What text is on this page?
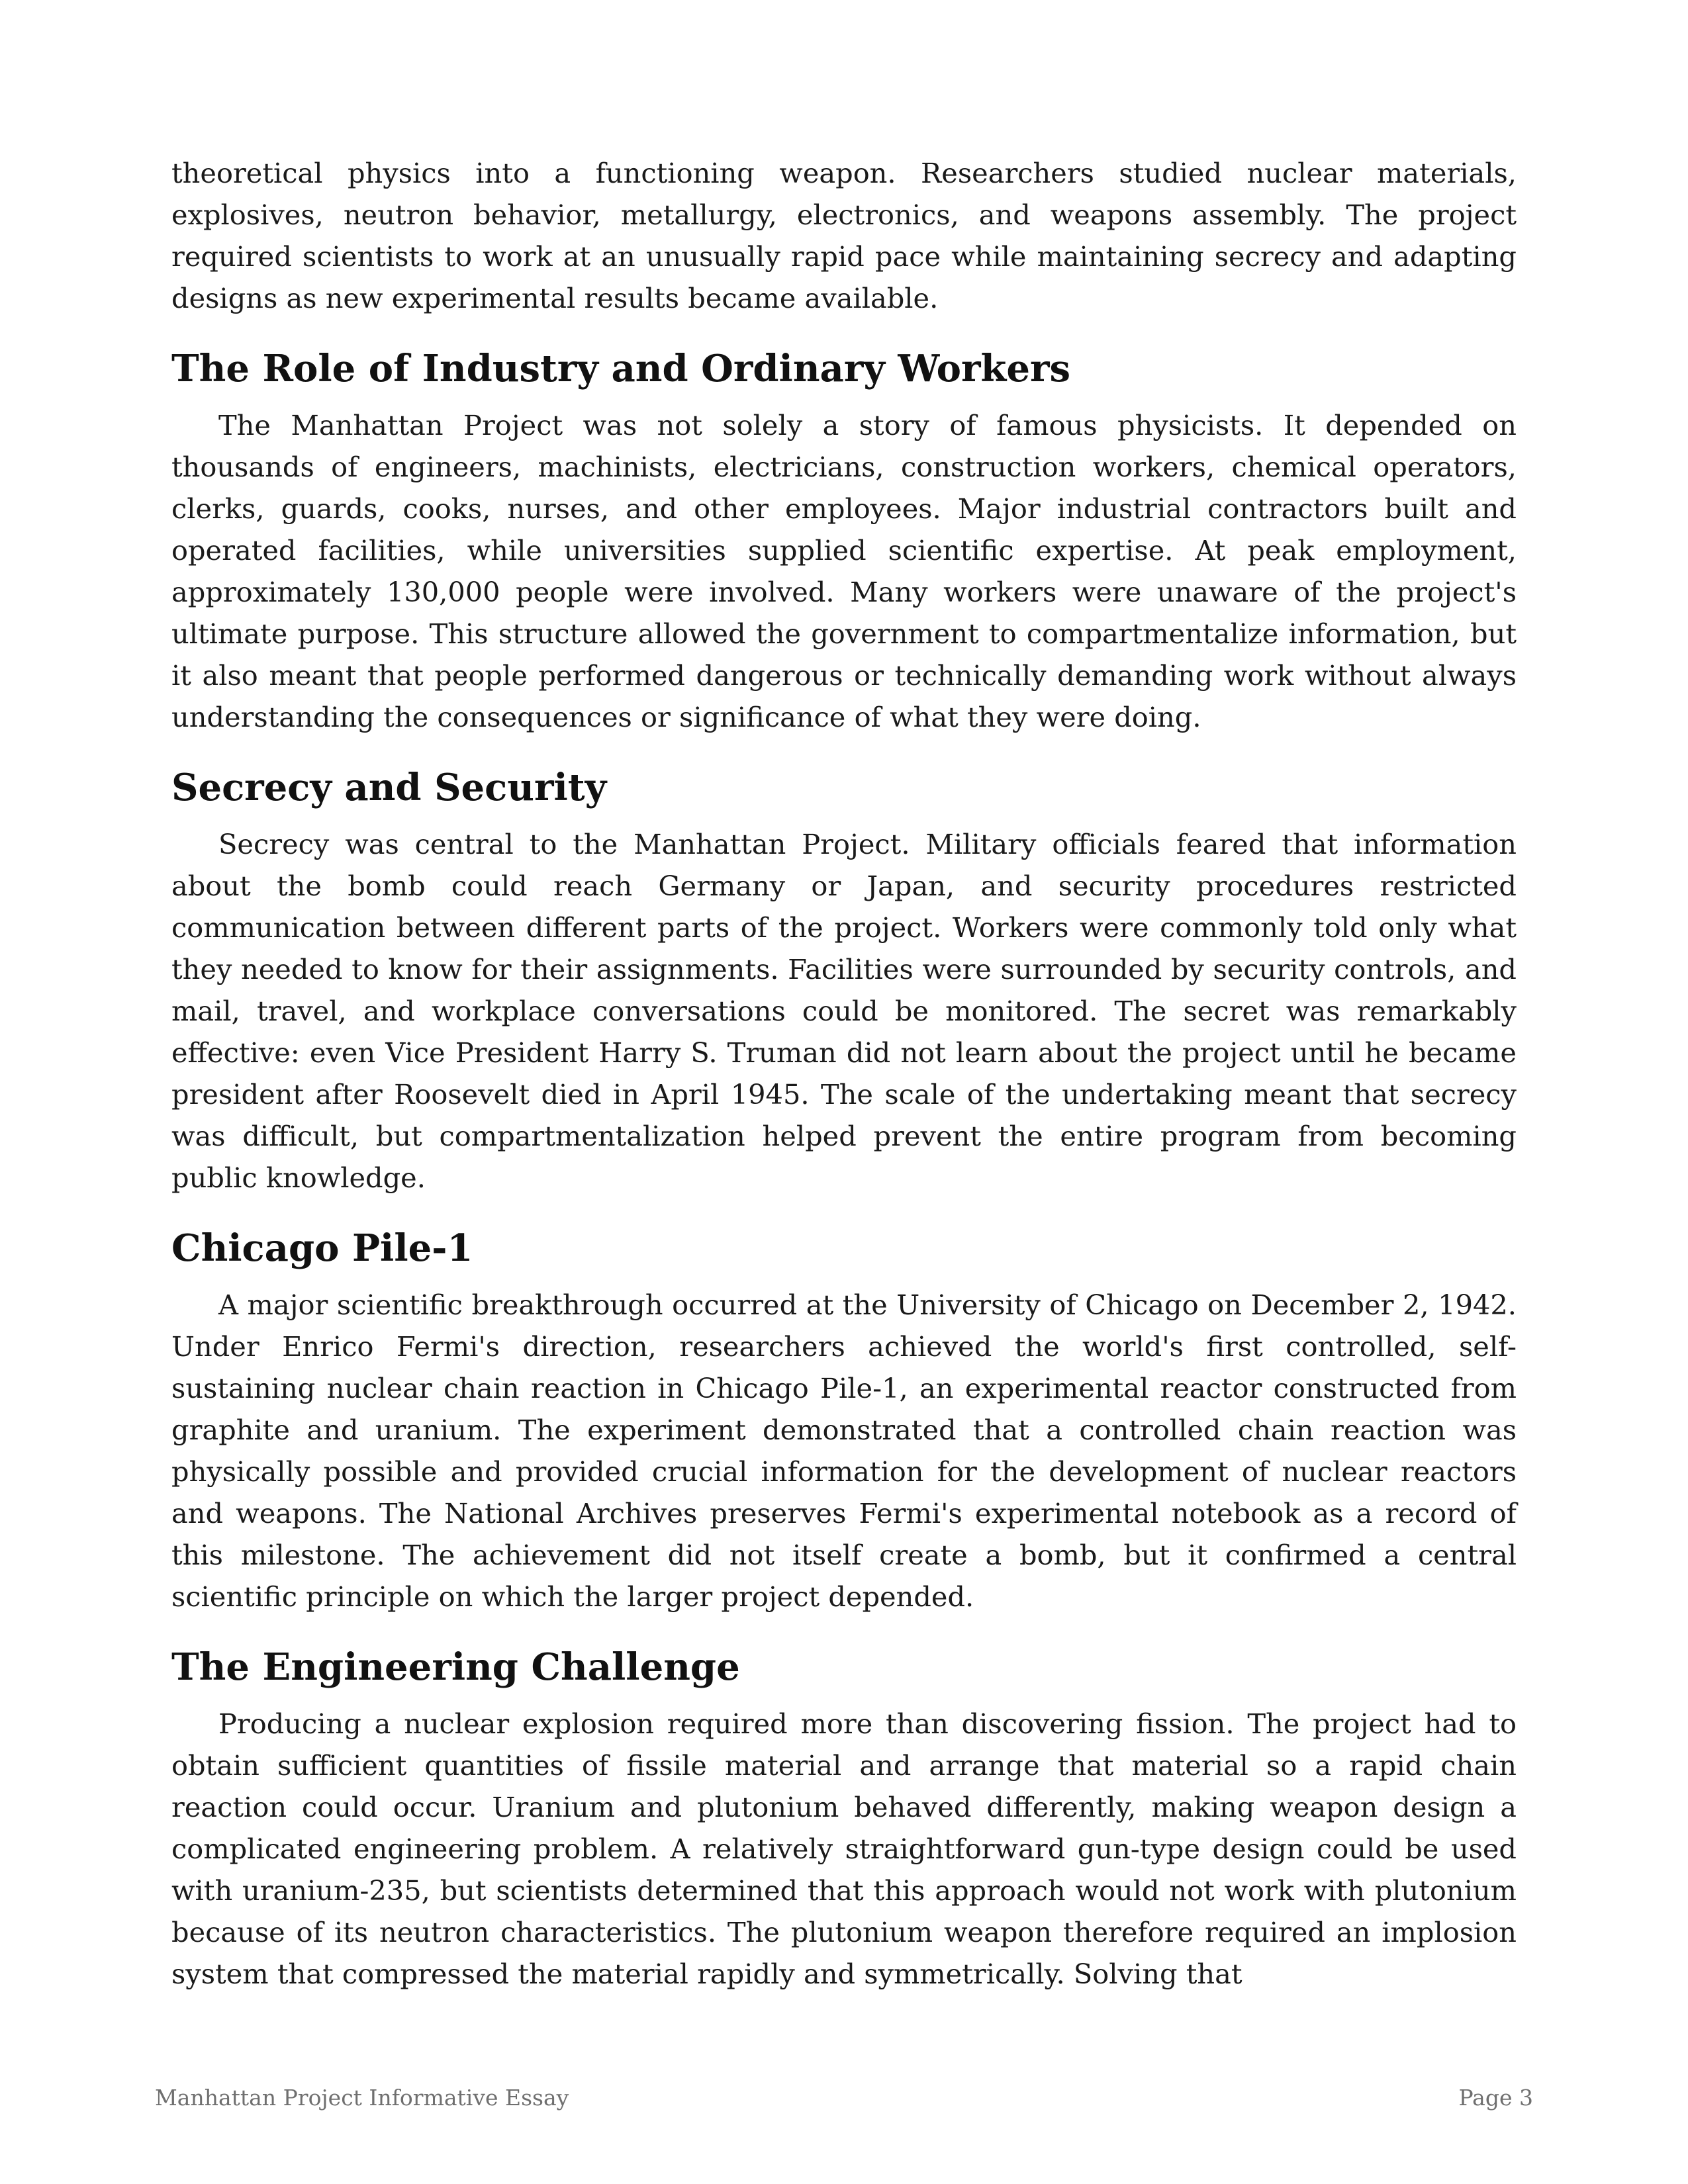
theoretical physics into a functioning weapon. Researchers studied nuclear materials, explosives, neutron behavior, metallurgy, electronics, and weapons assembly. The project required scientists to work at an unusually rapid pace while maintaining secrecy and adapting designs as new experimental results became available.

The Role of Industry and Ordinary Workers

The Manhattan Project was not solely a story of famous physicists. It depended on thousands of engineers, machinists, electricians, construction workers, chemical operators, clerks, guards, cooks, nurses, and other employees. Major industrial contractors built and operated facilities, while universities supplied scientific expertise. At peak employment, approximately 130,000 people were involved. Many workers were unaware of the project's ultimate purpose. This structure allowed the government to compartmentalize information, but it also meant that people performed dangerous or technically demanding work without always understanding the consequences or significance of what they were doing.

Secrecy and Security

Secrecy was central to the Manhattan Project. Military officials feared that information about the bomb could reach Germany or Japan, and security procedures restricted communication between different parts of the project. Workers were commonly told only what they needed to know for their assignments. Facilities were surrounded by security controls, and mail, travel, and workplace conversations could be monitored. The secret was remarkably effective: even Vice President Harry S. Truman did not learn about the project until he became president after Roosevelt died in April 1945. The scale of the undertaking meant that secrecy was difficult, but compartmentalization helped prevent the entire program from becoming public knowledge.

Chicago Pile-1

A major scientific breakthrough occurred at the University of Chicago on December 2, 1942. Under Enrico Fermi's direction, researchers achieved the world's first controlled, self-sustaining nuclear chain reaction in Chicago Pile-1, an experimental reactor constructed from graphite and uranium. The experiment demonstrated that a controlled chain reaction was physically possible and provided crucial information for the development of nuclear reactors and weapons. The National Archives preserves Fermi's experimental notebook as a record of this milestone. The achievement did not itself create a bomb, but it confirmed a central scientific principle on which the larger project depended.

The Engineering Challenge

Producing a nuclear explosion required more than discovering fission. The project had to obtain sufficient quantities of fissile material and arrange that material so a rapid chain reaction could occur. Uranium and plutonium behaved differently, making weapon design a complicated engineering problem. A relatively straightforward gun-type design could be used with uranium-235, but scientists determined that this approach would not work with plutonium because of its neutron characteristics. The plutonium weapon therefore required an implosion system that compressed the material rapidly and symmetrically. Solving that

Manhattan Project Informative Essay	Page 3
